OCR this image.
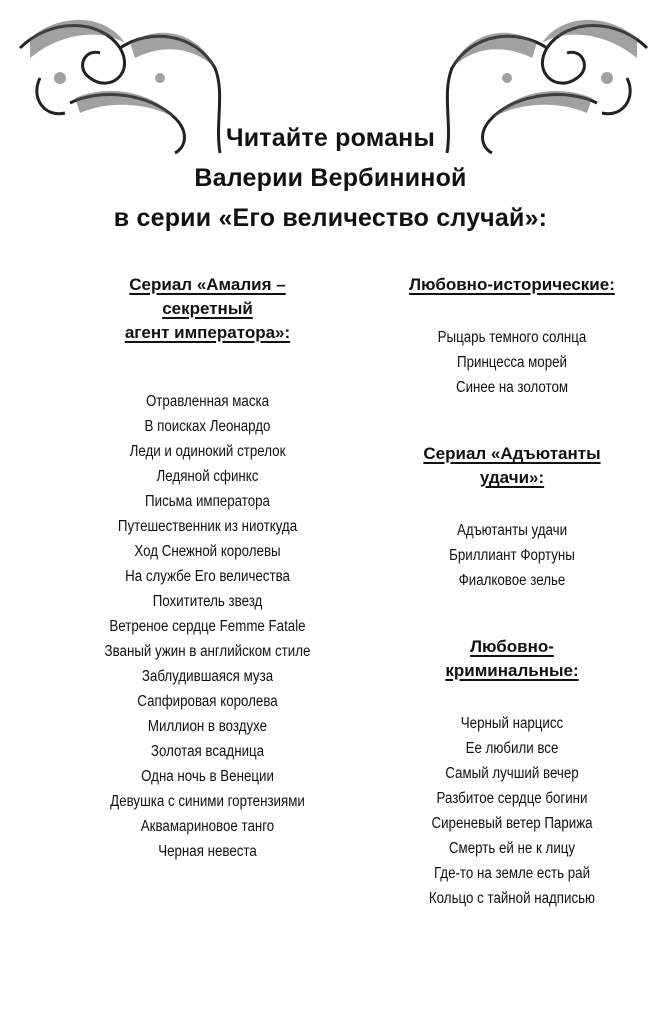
Читайте романы
Валерии Вербининой
в серии «Его величество случай»:
Сериал «Амалия –
секретный
агент императора»:
Отравленная маска
В поисках Леонардо
Леди и одинокий стрелок
Ледяной сфинкс
Письма императора
Путешественник из ниоткуда
Ход Снежной королевы
На службе Его величества
Похититель звезд
Ветреное сердце Femme Fatale
Званый ужин в английском стиле
Заблудившаяся муза
Сапфировая королева
Миллион в воздухе
Золотая всадница
Одна ночь в Венеции
Девушка с синими гортензиями
Аквамариновое танго
Черная невеста
Любовно-исторические:
Рыцарь темного солнца
Принцесса морей
Синее на золотом
Сериал «Адъютанты
удачи»:
Адъютанты удачи
Бриллиант Фортуны
Фиалковое зелье
Любовно-
криминальные:
Черный нарцисс
Ее любили все
Самый лучший вечер
Разбитое сердце богини
Сиреневый ветер Парижа
Смерть ей не к лицу
Где-то на земле есть рай
Кольцо с тайной надписью
